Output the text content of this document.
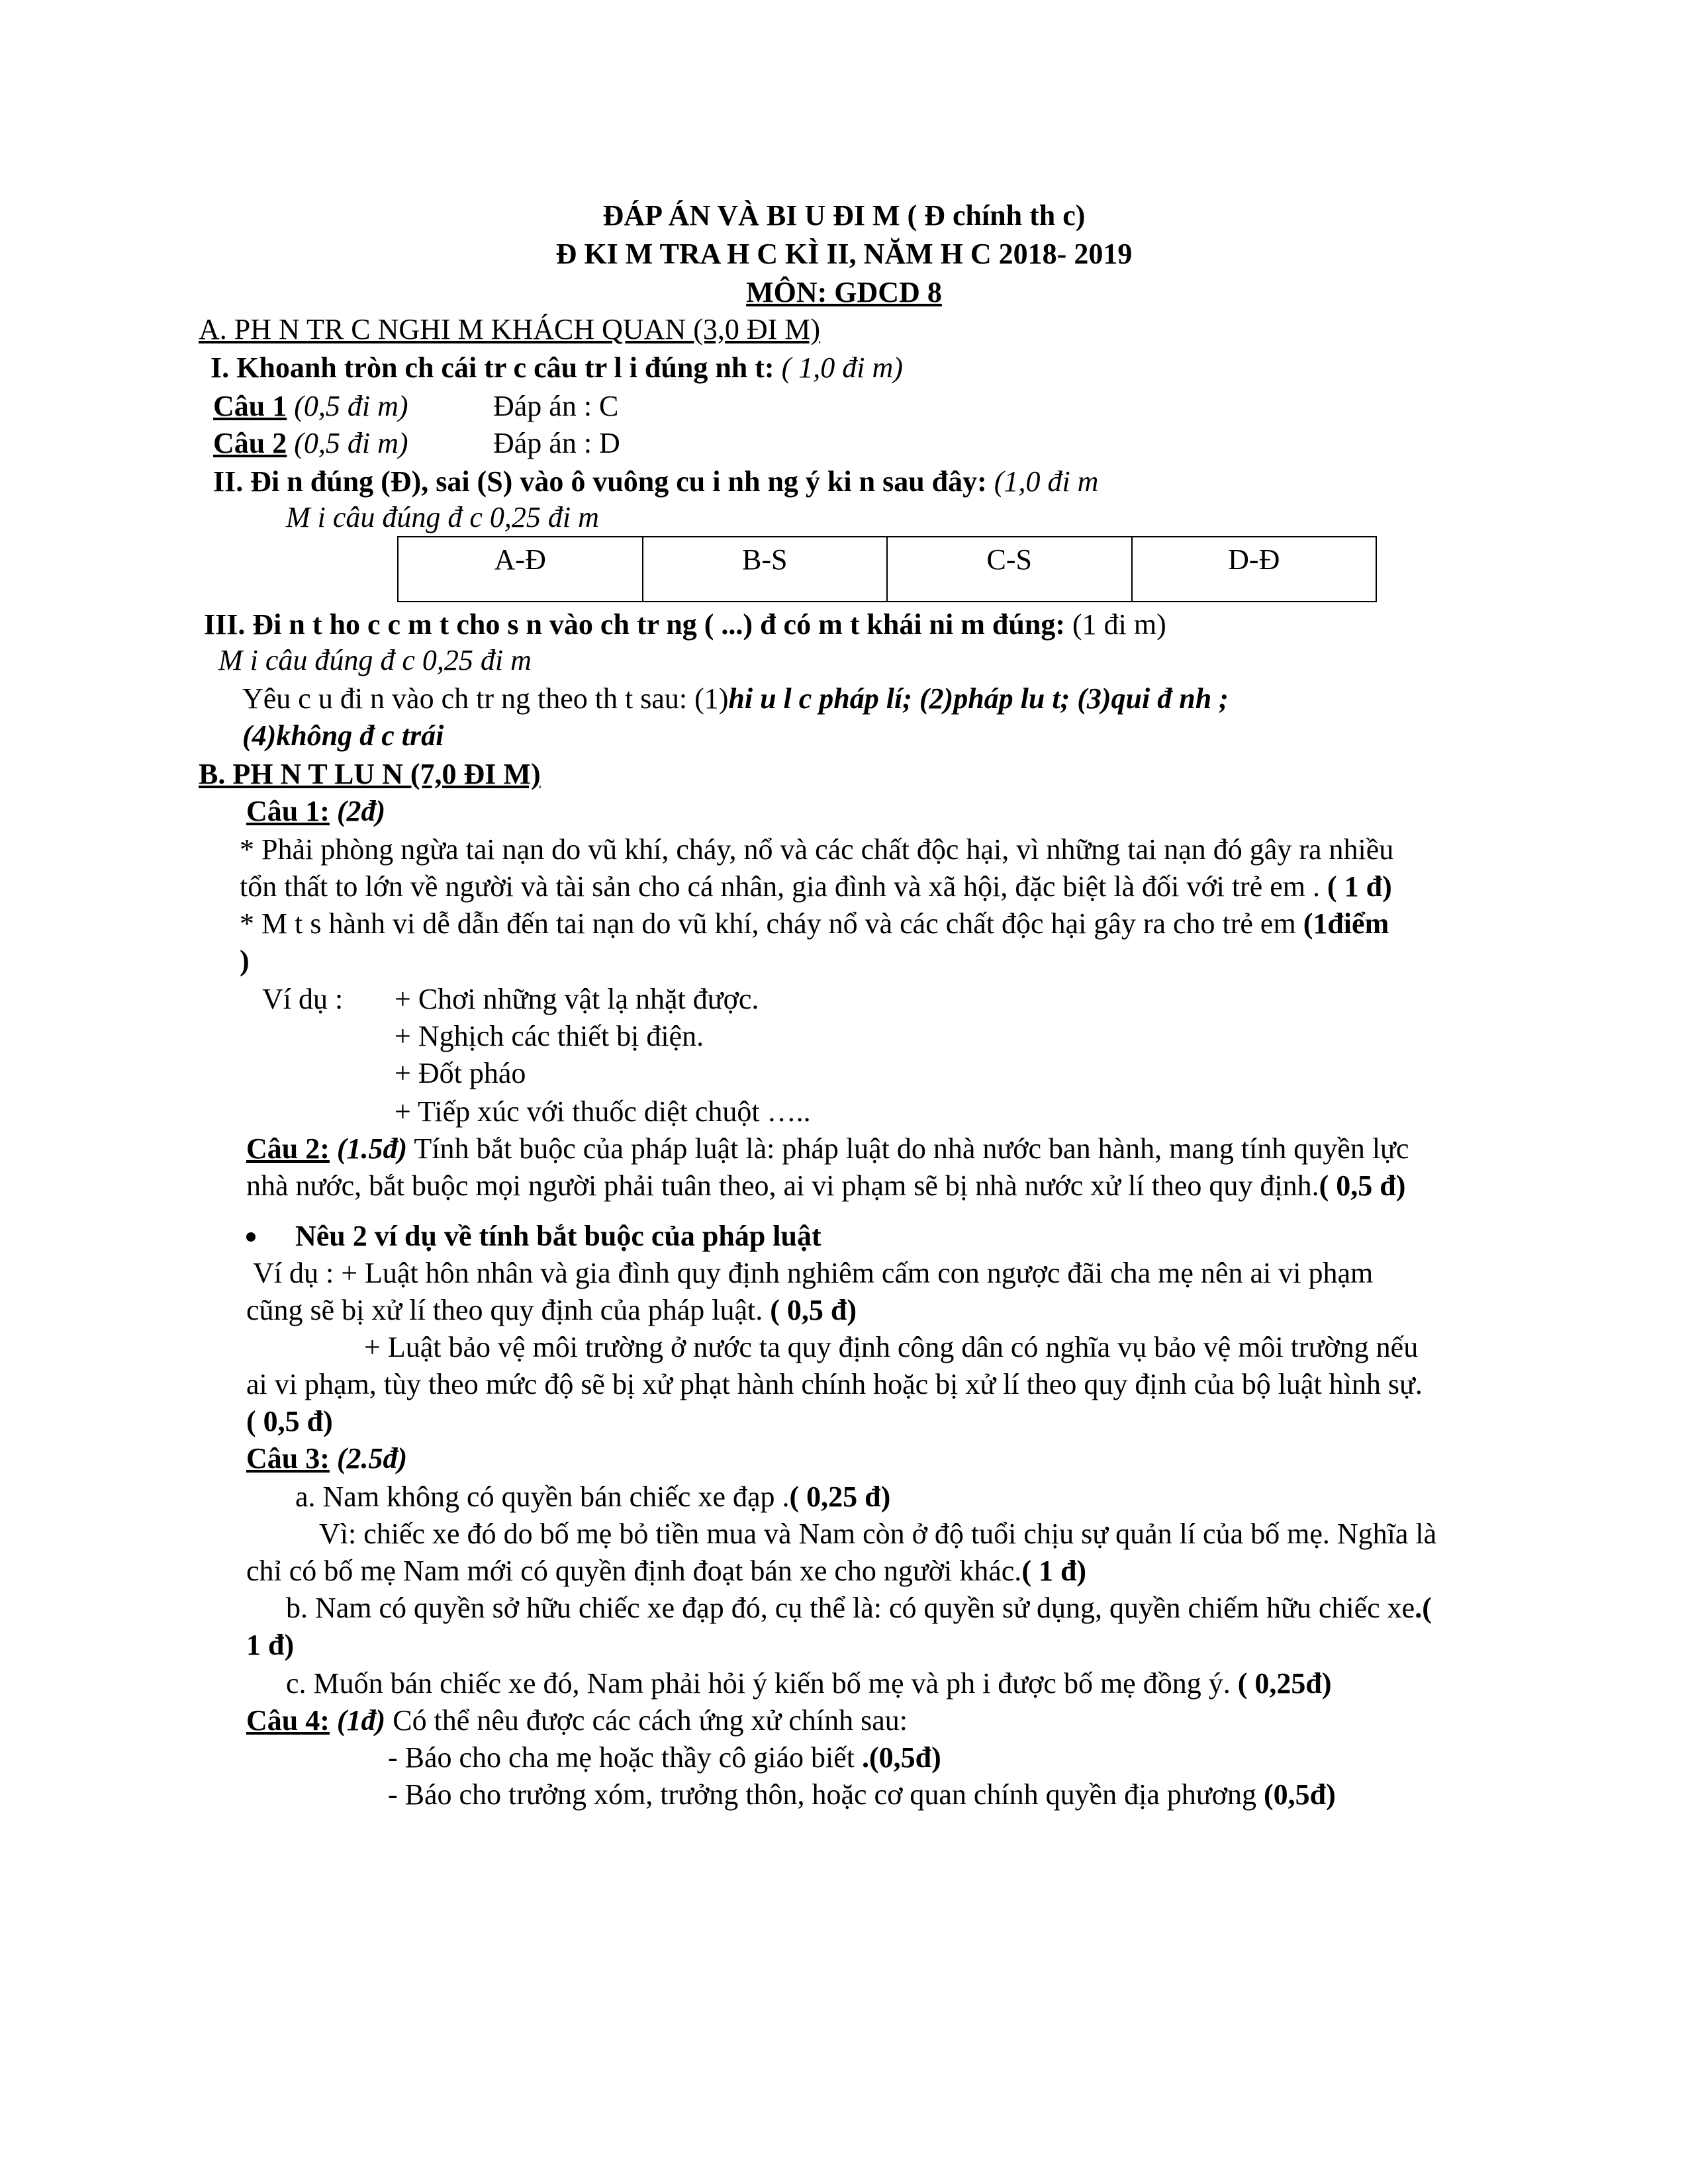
ĐÁP ÁN VÀ BI U ĐI M ( Đ chính th c)
Đ KI M TRA H C KÌ II, NĂM H C 2018- 2019
MÔN: GDCD 8
A. PH N TR C NGHI M KHÁCH QUAN (3,0 ĐI M)
I. Khoanh tròn ch cái tr c câu tr l i đúng nh t: ( 1,0 đi m)
Câu 1 (0,5 đi m)	Đáp án : C
Câu 2 (0,5 đi m)	Đáp án : D
II. Đi n đúng (Đ), sai (S) vào ô vuông cu i nh ng ý ki n sau đây: (1,0 đi m
M i câu đúng đ c 0,25 đi m
A-Đ	B-S	C-S	D-Đ
III. Đi n t ho c c m t cho s n vào ch tr ng ( ...) đ có m t khái ni m đúng: (1 đi m)
M i câu đúng đ c 0,25 đi m
Yêu c u đi n vào ch tr ng theo th t sau: (1)hi u l c pháp lí; (2)pháp lu t; (3)qui đ nh ;
(4)không đ c trái
B. PH N T LU N (7,0 ĐI M)
Câu 1: (2đ)
* Phải phòng ngừa tai nạn do vũ khí, cháy, nổ và các chất độc hại, vì những tai nạn đó gây ra nhiều
tổn thất to lớn về người và tài sản cho cá nhân, gia đình và xã hội, đặc biệt là đối với trẻ em . ( 1 đ)
* M t s hành vi dễ dẫn đến tai nạn do vũ khí, cháy nổ và các chất độc hại gây ra cho trẻ em (1điểm
)
Ví dụ : + Chơi những vật lạ nhặt được.
+ Nghịch các thiết bị điện.
+ Đốt pháo
+ Tiếp xúc với thuốc diệt chuột …..
Câu 2: (1.5đ) Tính bắt buộc của pháp luật là: pháp luật do nhà nước ban hành, mang tính quyền lực
nhà nước, bắt buộc mọi người phải tuân theo, ai vi phạm sẽ bị nhà nước xử lí theo quy định.( 0,5 đ)
Nêu 2 ví dụ về tính bắt buộc của pháp luật
Ví dụ : + Luật hôn nhân và gia đình quy định nghiêm cấm con ngược đãi cha mẹ nên ai vi phạm
cũng sẽ bị xử lí theo quy định của pháp luật. ( 0,5 đ)
+ Luật bảo vệ môi trường ở nước ta quy định công dân có nghĩa vụ bảo vệ môi trường nếu
ai vi phạm, tùy theo mức độ sẽ bị xử phạt hành chính hoặc bị xử lí theo quy định của bộ luật hình sự.
( 0,5 đ)
Câu 3: (2.5đ)
a. Nam không có quyền bán chiếc xe đạp .( 0,25 đ)
Vì: chiếc xe đó do bố mẹ bỏ tiền mua và Nam còn ở độ tuổi chịu sự quản lí của bố mẹ. Nghĩa là
chỉ có bố mẹ Nam mới có quyền định đoạt bán xe cho người khác.( 1 đ)
b. Nam có quyền sở hữu chiếc xe đạp đó, cụ thể là: có quyền sử dụng, quyền chiếm hữu chiếc xe.(
1 đ)
c. Muốn bán chiếc xe đó, Nam phải hỏi ý kiến bố mẹ và ph i được bố mẹ đồng ý. ( 0,25đ)
Câu 4: (1đ) Có thể nêu được các cách ứng xử chính sau:
- Báo cho cha mẹ hoặc thầy cô giáo biết .(0,5đ)
- Báo cho trưởng xóm, trưởng thôn, hoặc cơ quan chính quyền địa phương (0,5đ)
